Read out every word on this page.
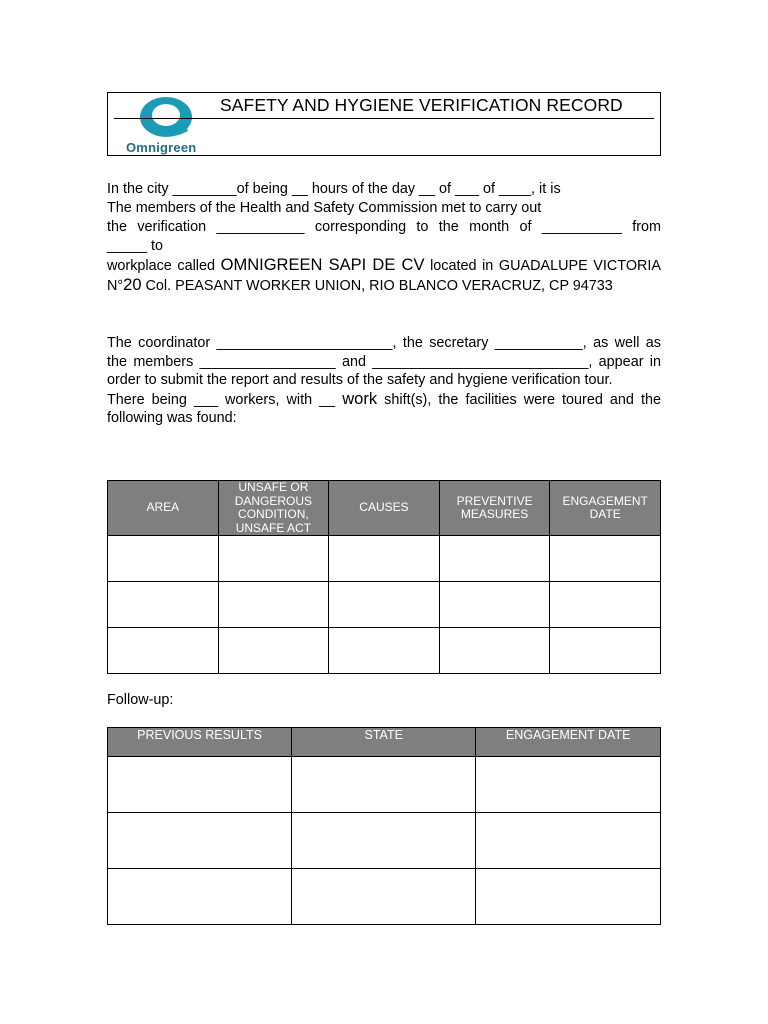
Omnigreen
SAFETY AND HYGIENE VERIFICATION RECORD
In the city ________of being __ hours of the day __ of ___ of ____, it is
The members of the Health and Safety Commission met to carry out
the verification ___________ corresponding to the month of __________ from
_____ to
workplace called OMNIGREEN SAPI DE CV located in GUADALUPE VICTORIA N°20 Col. PEASANT WORKER UNION, RIO BLANCO VERACRUZ, CP 94733
The coordinator ______________________, the secretary ___________, as well as the members _________________ and ___________________________, appear in order to submit the report and results of the safety and hygiene verification tour.
There being ___ workers, with __ work shift(s), the facilities were toured and the following was found:
AREA	UNSAFE OR DANGEROUS CONDITION, UNSAFE ACT	CAUSES	PREVENTIVE MEASURES	ENGAGEMENT DATE

Follow-up:
PREVIOUS RESULTS	STATE	ENGAGEMENT DATE
